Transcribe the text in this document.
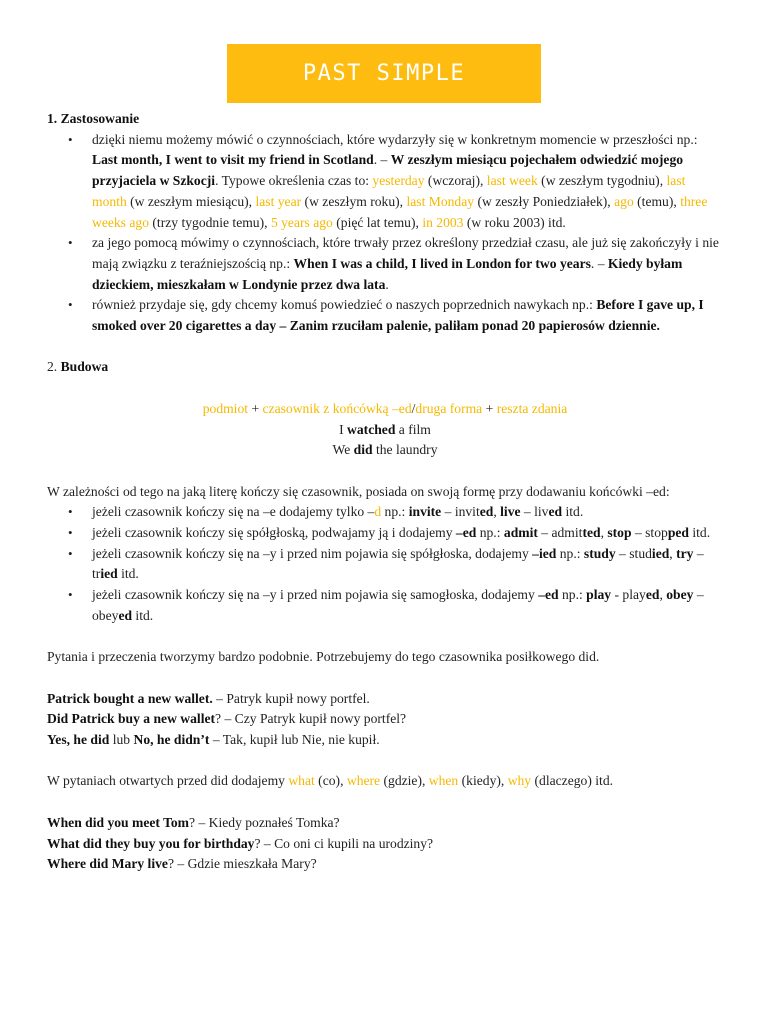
PAST SIMPLE

1. Zastosowanie

• dzięki niemu możemy mówić o czynnościach, które wydarzyły się w konkretnym momencie w przeszłości np.: Last month, I went to visit my friend in Scotland. – W zeszłym miesiącu pojechałem odwiedzić mojego przyjaciela w Szkocji. Typowe określenia czas to: yesterday (wczoraj), last week (w zeszłym tygodniu), last month (w zeszłym miesiącu), last year (w zeszłym roku), last Monday (w zeszły Poniedziałek), ago (temu), three weeks ago (trzy tygodnie temu), 5 years ago (pięć lat temu), in 2003 (w roku 2003) itd.
• za jego pomocą mówimy o czynnościach, które trwały przez określony przedział czasu, ale już się zakończyły i nie mają związku z teraźniejszością np.: When I was a child, I lived in London for two years. – Kiedy byłam dzieckiem, mieszkałam w Londynie przez dwa lata.
• również przydaje się, gdy chcemy komuś powiedzieć o naszych poprzednich nawykach np.: Before I gave up, I smoked over 20 cigarettes a day – Zanim rzuciłam palenie, paliłam ponad 20 papierosów dziennie.

2. Budowa

podmiot + czasownik z końcówką –ed/druga forma + reszta zdania

I watched a film

We did the laundry

W zależności od tego na jaką literę kończy się czasownik, posiada on swoją formę przy dodawaniu końcówki –ed:

• jeżeli czasownik kończy się na –e dodajemy tylko –d np.: invite – invited, live – lived itd.
• jeżeli czasownik kończy się spółgłoską, podwajamy ją i dodajemy –ed np.: admit – admitted, stop – stopped itd.
• jeżeli czasownik kończy się na –y i przed nim pojawia się spółgłoska, dodajemy –ied np.: study – studied, try – tried itd.
• jeżeli czasownik kończy się na –y i przed nim pojawia się samogłoska, dodajemy –ed np.: play - played, obey – obeyed itd.

Pytania i przeczenia tworzymy bardzo podobnie. Potrzebujemy do tego czasownika posiłkowego did.

Patrick bought a new wallet. – Patryk kupił nowy portfel.

Did Patrick buy a new wallet? – Czy Patryk kupił nowy portfel?

Yes, he did lub No, he didn’t – Tak, kupił lub Nie, nie kupił.

W pytaniach otwartych przed did dodajemy what (co), where (gdzie), when (kiedy), why (dlaczego) itd.

When did you meet Tom? – Kiedy poznałeś Tomka?

What did they buy you for birthday? – Co oni ci kupili na urodziny?

Where did Mary live? – Gdzie mieszkała Mary?
